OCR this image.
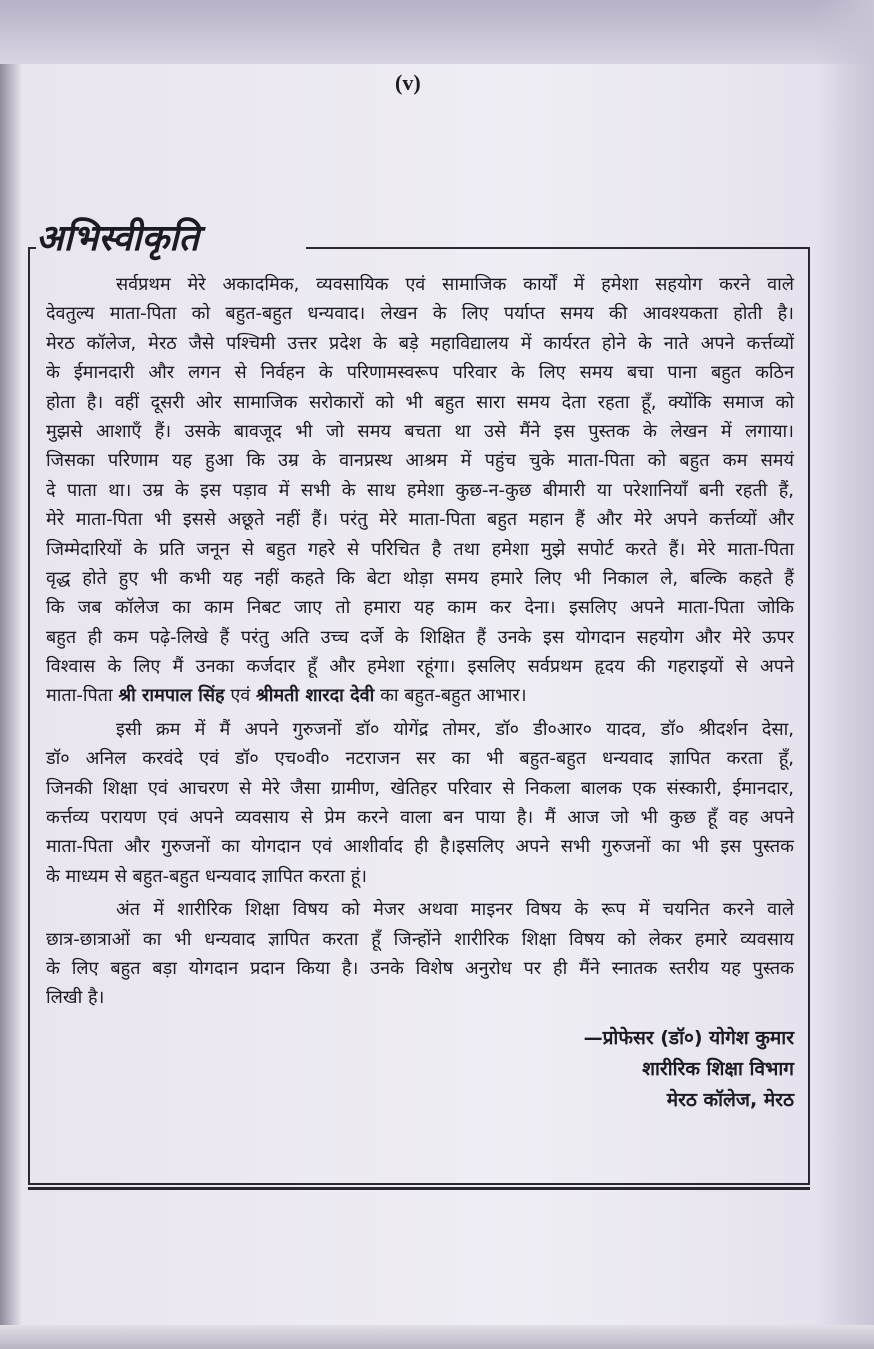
(v)
अभिस्वीकृति
सर्वप्रथम मेरे अकादमिक, व्यवसायिक एवं सामाजिक कार्यों में हमेशा सहयोग करने वाले
देवतुल्य माता-पिता को बहुत-बहुत धन्यवाद। लेखन के लिए पर्याप्त समय की आवश्यकता होती है।
मेरठ कॉलेज, मेरठ जैसे पश्चिमी उत्तर प्रदेश के बड़े महाविद्यालय में कार्यरत होने के नाते अपने कर्त्तव्यों
के ईमानदारी और लगन से निर्वहन के परिणामस्वरूप परिवार के लिए समय बचा पाना बहुत कठिन
होता है। वहीं दूसरी ओर सामाजिक सरोकारों को भी बहुत सारा समय देता रहता हूँ, क्योंकि समाज को
मुझसे आशाएँ हैं। उसके बावजूद भी जो समय बचता था उसे मैंने इस पुस्तक के लेखन में लगाया।
जिसका परिणाम यह हुआ कि उम्र के वानप्रस्थ आश्रम में पहुंच चुके माता-पिता को बहुत कम समयं
दे पाता था। उम्र के इस पड़ाव में सभी के साथ हमेशा कुछ-न-कुछ बीमारी या परेशानियाँ बनी रहती हैं,
मेरे माता-पिता भी इससे अछूते नहीं हैं। परंतु मेरे माता-पिता बहुत महान हैं और मेरे अपने कर्त्तव्यों और
जिम्मेदारियों के प्रति जनून से बहुत गहरे से परिचित है तथा हमेशा मुझे सपोर्ट करते हैं। मेरे माता-पिता
वृद्ध होते हुए भी कभी यह नहीं कहते कि बेटा थोड़ा समय हमारे लिए भी निकाल ले, बल्कि कहते हैं
कि जब कॉलेज का काम निबट जाए तो हमारा यह काम कर देना। इसलिए अपने माता-पिता जोकि
बहुत ही कम पढ़े-लिखे हैं परंतु अति उच्च दर्जे के शिक्षित हैं उनके इस योगदान सहयोग और मेरे ऊपर
विश्वास के लिए मैं उनका कर्जदार हूँ और हमेशा रहूंगा। इसलिए सर्वप्रथम हृदय की गहराइयों से अपने
माता-पिता श्री रामपाल सिंह एवं श्रीमती शारदा देवी का बहुत-बहुत आभार।
इसी क्रम में मैं अपने गुरुजनों डॉ० योगेंद्र तोमर, डॉ० डी०आर० यादव, डॉ० श्रीदर्शन देसा,
डॉ० अनिल करवंदे एवं डॉ० एच०वी० नटराजन सर का भी बहुत-बहुत धन्यवाद ज्ञापित करता हूँ,
जिनकी शिक्षा एवं आचरण से मेरे जैसा ग्रामीण, खेतिहर परिवार से निकला बालक एक संस्कारी, ईमानदार,
कर्त्तव्य परायण एवं अपने व्यवसाय से प्रेम करने वाला बन पाया है। मैं आज जो भी कुछ हूँ वह अपने
माता-पिता और गुरुजनों का योगदान एवं आशीर्वाद ही है।इसलिए अपने सभी गुरुजनों का भी इस पुस्तक
के माध्यम से बहुत-बहुत धन्यवाद ज्ञापित करता हूं।
अंत में शारीरिक शिक्षा विषय को मेजर अथवा माइनर विषय के रूप में चयनित करने वाले
छात्र-छात्राओं का भी धन्यवाद ज्ञापित करता हूँ जिन्होंने शारीरिक शिक्षा विषय को लेकर हमारे व्यवसाय
के लिए बहुत बड़ा योगदान प्रदान किया है। उनके विशेष अनुरोध पर ही मैंने स्नातक स्तरीय यह पुस्तक
लिखी है।
—प्रोफेसर (डॉ०) योगेश कुमार
शारीरिक शिक्षा विभाग
मेरठ कॉलेज, मेरठ
